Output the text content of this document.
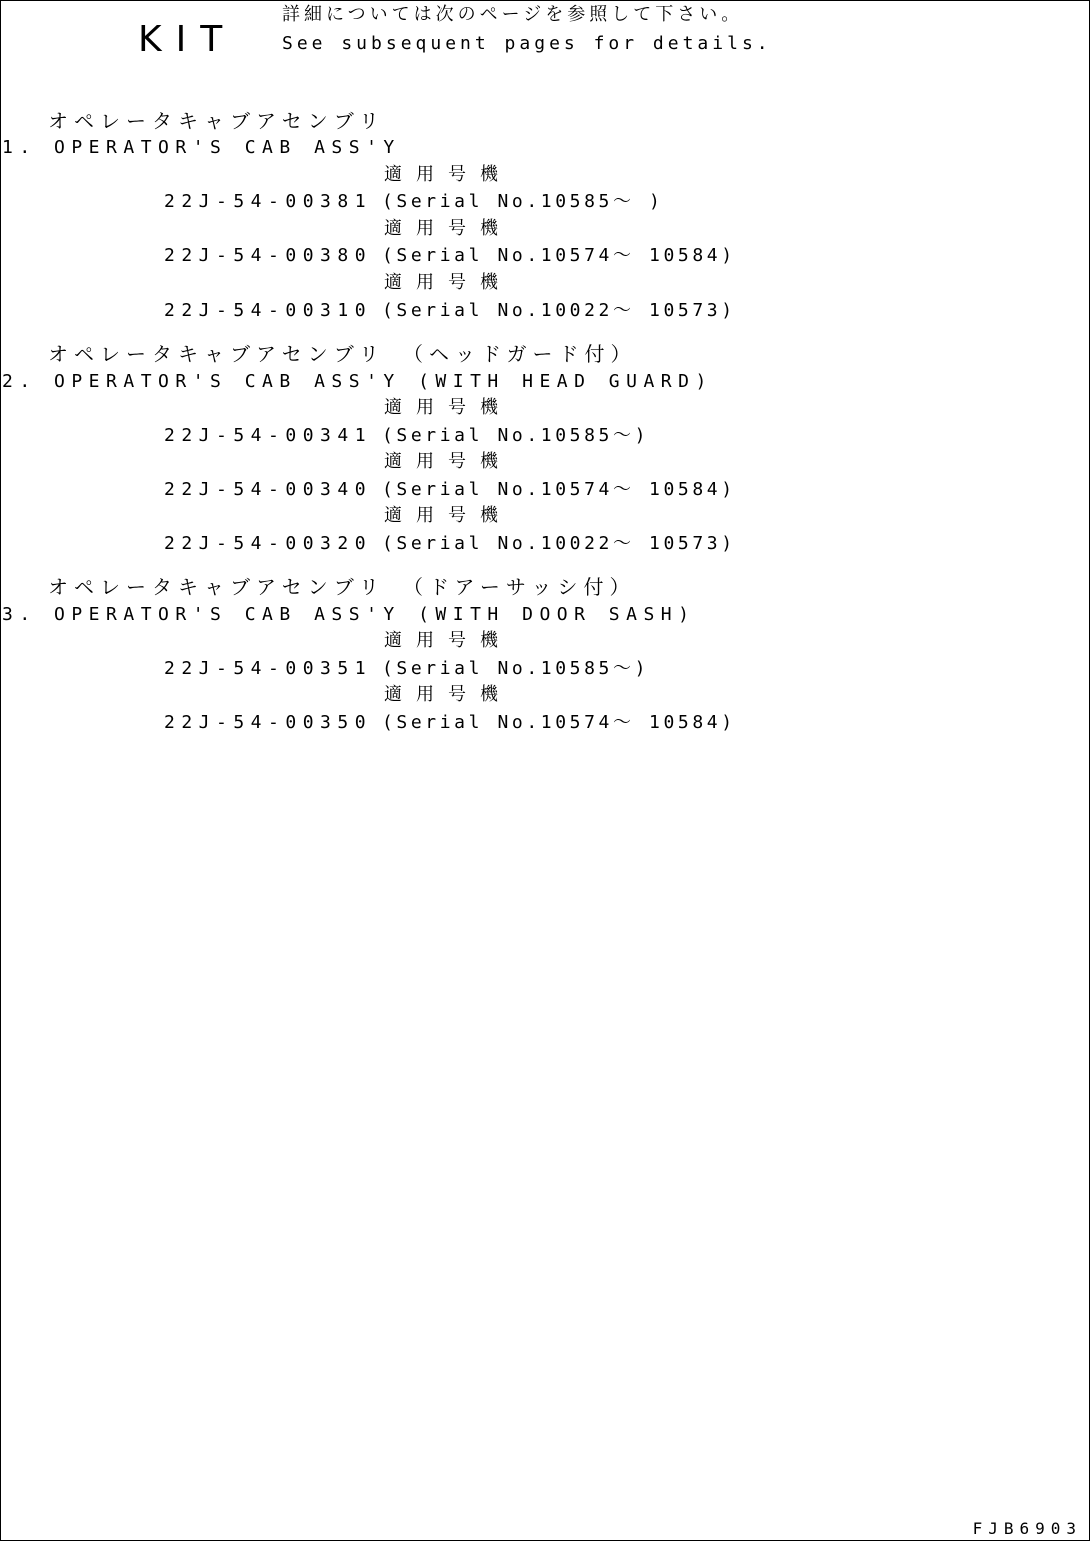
KIT
詳細については次のページを参照して下さい。
See subsequent pages for details.
オペレータキャブアセンブリ
1. OPERATOR'S CAB ASS'Y
適用号機
22J-54-00381 (Serial No.10585～ )
適用号機
22J-54-00380 (Serial No.10574～ 10584)
適用号機
22J-54-00310 (Serial No.10022～ 10573)
オペレータキャブアセンブリ （ヘッドガード付）
2. OPERATOR'S CAB ASS'Y (WITH HEAD GUARD)
適用号機
22J-54-00341 (Serial No.10585～)
適用号機
22J-54-00340 (Serial No.10574～ 10584)
適用号機
22J-54-00320 (Serial No.10022～ 10573)
オペレータキャブアセンブリ （ドアーサッシ付）
3. OPERATOR'S CAB ASS'Y (WITH DOOR SASH)
適用号機
22J-54-00351 (Serial No.10585～)
適用号機
22J-54-00350 (Serial No.10574～ 10584)
FJB6903
